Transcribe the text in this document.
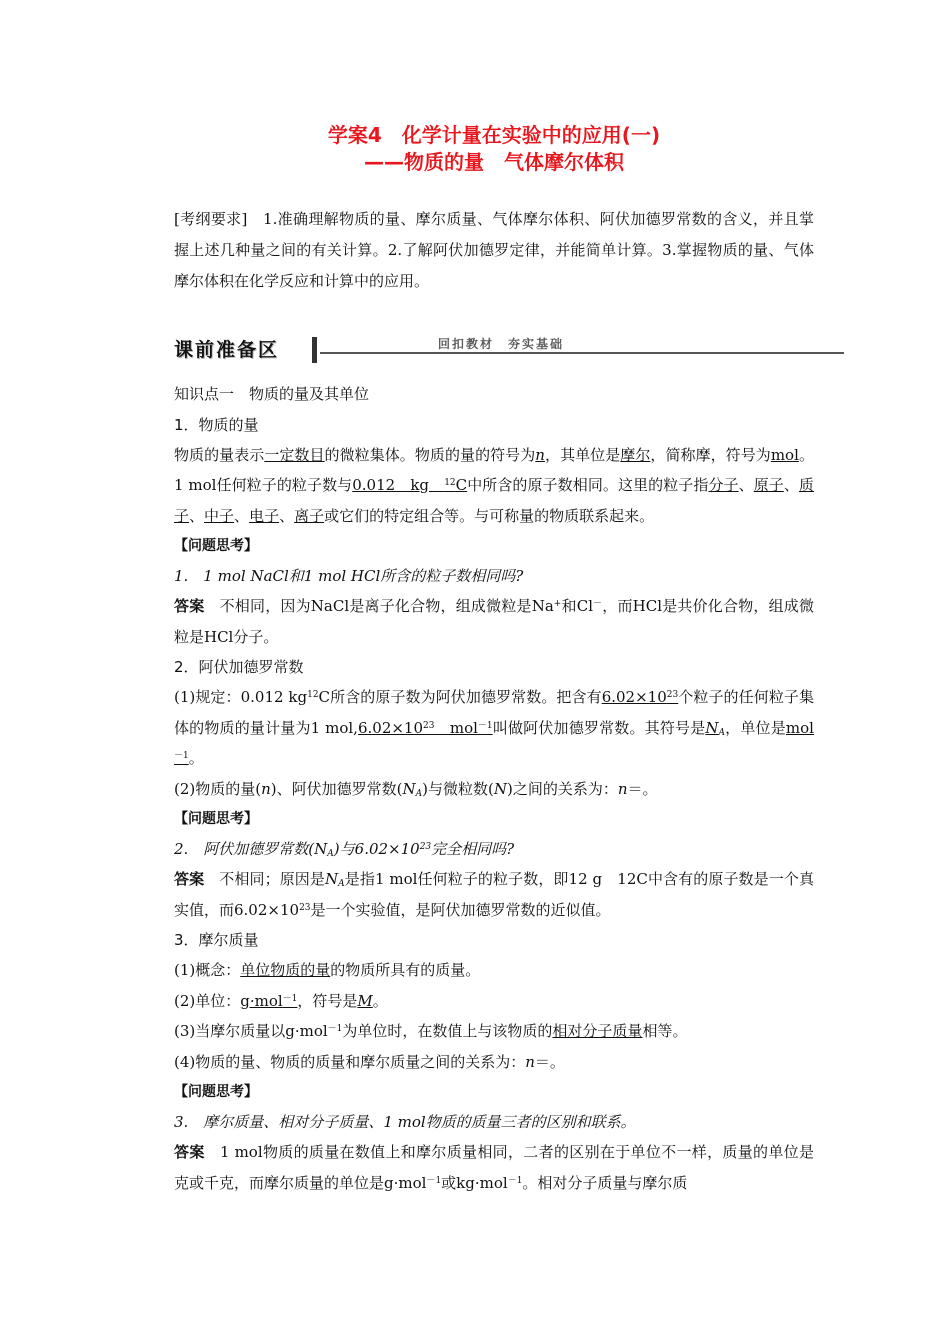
学案4　化学计量在实验中的应用(一)
——物质的量　气体摩尔体积
[考纲要求]　1.准确理解物质的量、摩尔质量、气体摩尔体积、阿伏加德罗常数的含义，并且掌握上述几种量之间的有关计算。2.了解阿伏加德罗定律，并能简单计算。3.掌握物质的量、气体摩尔体积在化学反应和计算中的应用。
课前准备区	回扣教材　夯实基础
知识点一　物质的量及其单位
1．物质的量
物质的量表示一定数目的微粒集体。物质的量的符号为n，其单位是摩尔，简称摩，符号为mol。1 mol任何粒子的粒子数与0.012　kg　$^{12}$C中所含的原子数相同。这里的粒子指分子、原子、质子、中子、电子、离子或它们的特定组合等。与可称量的物质联系起来。
【问题思考】
1.　1 mol NaCl和1 mol HCl所含的粒子数相同吗?
答案　不相同，因为NaCl是离子化合物，组成微粒是Na+和Cl－，而HCl是共价化合物，组成微粒是HCl分子。
2．阿伏加德罗常数
(1)规定：0.012 $kg^{12}C$所含的原子数为阿伏加德罗常数。把含有$6.02\times 10^{23}$个粒子的任何粒子集体的物质的量计量为1 $mol,6.02\times 10^{23}$　mol$^{-1}$叫做阿伏加德罗常数。其符号是$N_A$，单位是mol$^{-1}$。
(2)物质的量(n)、阿伏加德罗常数$(N_A)$与微粒数(N)之间的关系为：n＝。
【问题思考】
2.　阿伏加德罗常数$(N_A)$与$6.02\times 10^{23}$完全相同吗?
答案　不相同；原因是$N_A$是指1 mol任何粒子的粒子数，即12 g　12C中含有的原子数是一个真实值，而$6.02\times 10^{23}$是一个实验值，是阿伏加德罗常数的近似值。
3．摩尔质量
(1)概念：单位物质的量的物质所具有的质量。
(2)单位：g·mol$^{-1}$，符号是M。
(3)当摩尔质量以g·mol$^{-1}$为单位时，在数值上与该物质的相对分子质量相等。
(4)物质的量、物质的质量和摩尔质量之间的关系为：n＝。
【问题思考】
3.　摩尔质量、相对分子质量、1 mol物质的质量三者的区别和联系。
答案　1 mol物质的质量在数值上和摩尔质量相同，二者的区别在于单位不一样，质量的单位是克或千克，而摩尔质量的单位是g·mol$^{-1}$或kg·mol$^{-1}$。相对分子质量与摩尔质
